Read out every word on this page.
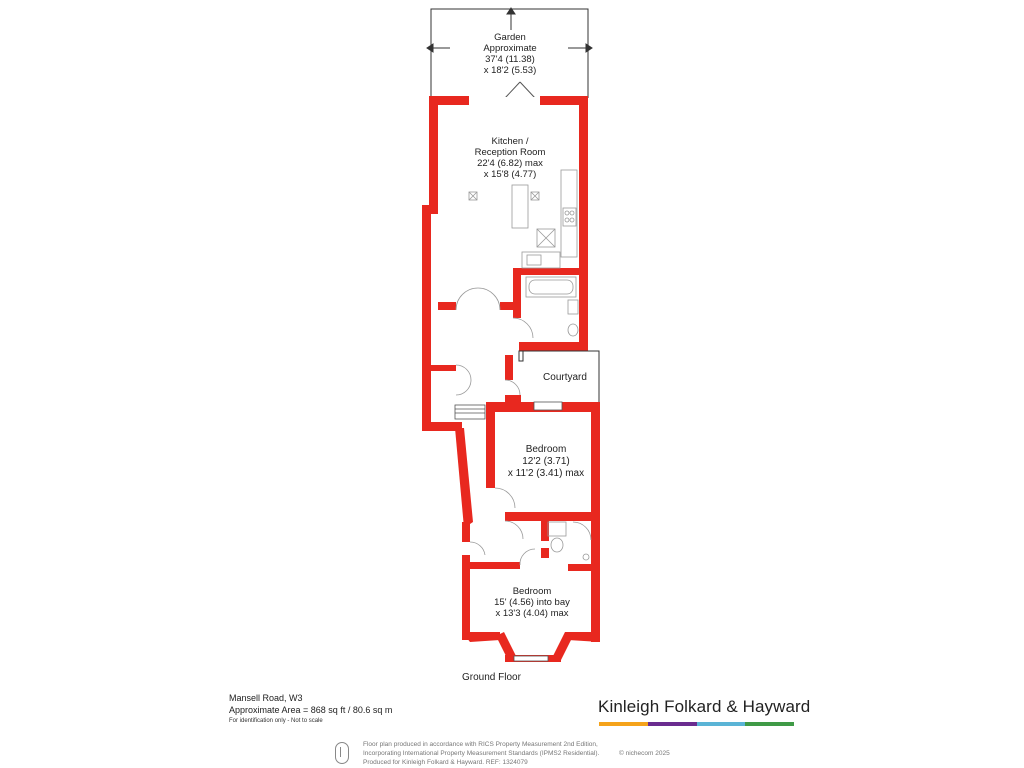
Garden
Approximate
37'4 (11.38)
x 18'2 (5.53)
Kitchen /
Reception Room
22'4 (6.82) max
x 15'8 (4.77)
Courtyard
Bedroom
12'2 (3.71)
x 11'2 (3.41) max
Bedroom
15' (4.56) into bay
x 13'3 (4.04) max
Ground Floor
Mansell Road, W3
Approximate Area = 868 sq ft / 80.6 sq m
For identification only - Not to scale
Kinleigh Folkard & Hayward
Floor plan produced in accordance with RICS Property Measurement 2nd Edition,
Incorporating International Property Measurement Standards (IPMS2 Residential).
Produced for Kinleigh Folkard & Hayward. REF: 1324079
© nichecom 2025
